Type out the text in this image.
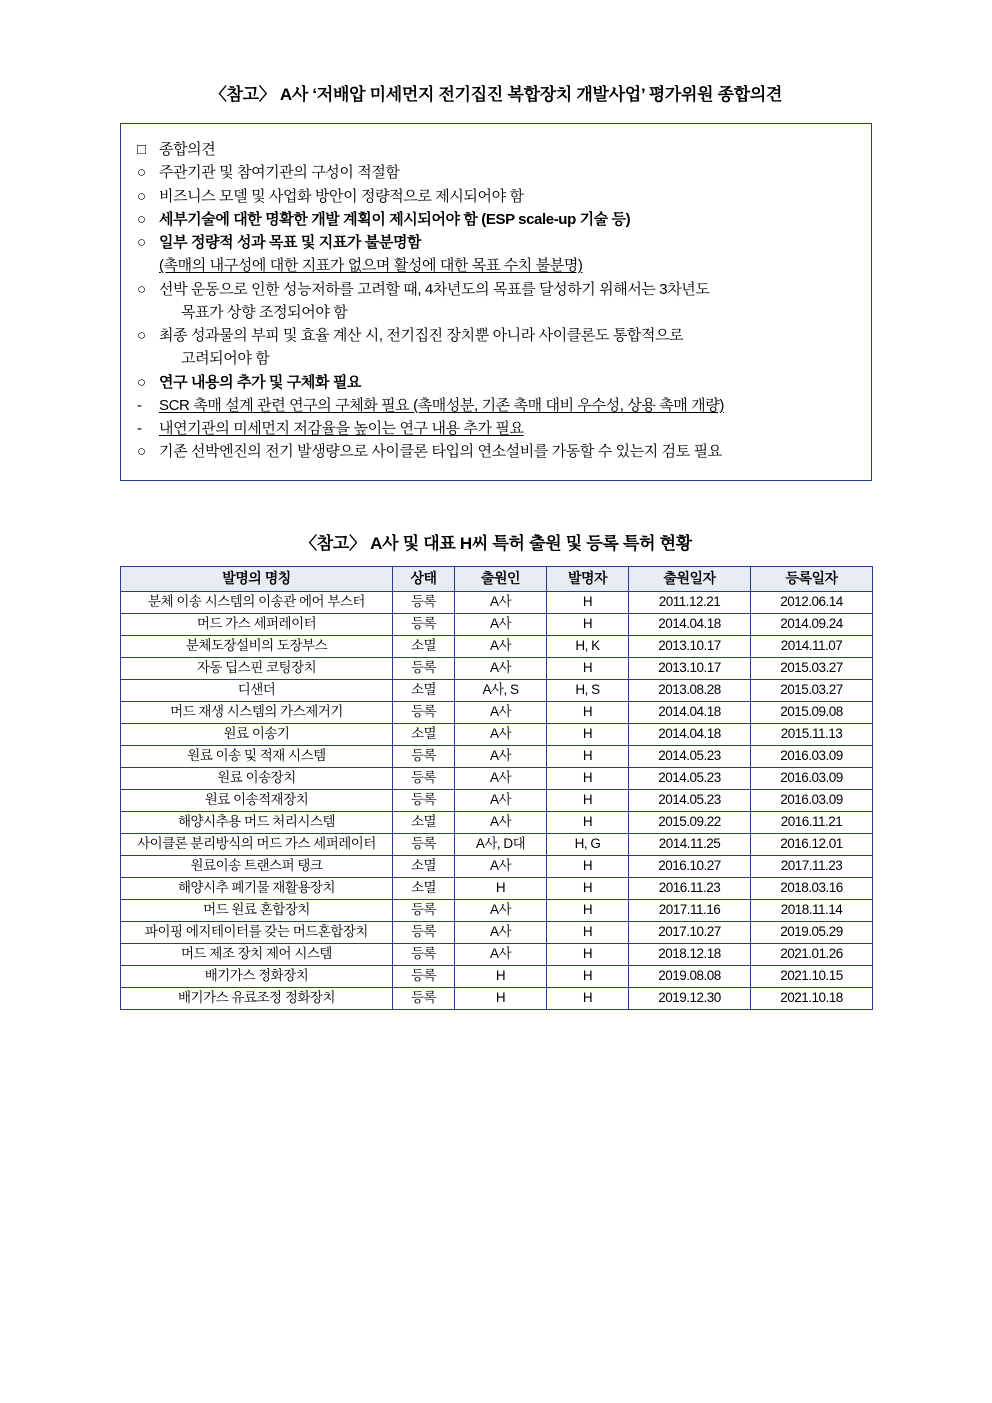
〈참고〉 A사 ‘저배압 미세먼지 전기집진 복합장치 개발사업’ 평가위원 종합의견
□ 종합의견
○ 주관기관 및 참여기관의 구성이 적절함
○ 비즈니스 모델 및 사업화 방안이 정량적으로 제시되어야 함
○ 세부기술에 대한 명확한 개발 계획이 제시되어야 함 (ESP scale-up 기술 등)
○ 일부 정량적 성과 목표 및 지표가 불분명함
(촉매의 내구성에 대한 지표가 없으며 활성에 대한 목표 수치 불분명)
○ 선박 운동으로 인한 성능저하를 고려할 때, 4차년도의 목표를 달성하기 위해서는 3차년도
목표가 상향 조정되어야 함
○ 최종 성과물의 부피 및 효율 계산 시, 전기집진 장치뿐 아니라 사이클론도 통합적으로
고려되어야 함
○ 연구 내용의 추가 및 구체화 필요
-	SCR 촉매 설계 관련 연구의 구체화 필요 (촉매성분, 기존 촉매 대비 우수성, 상용 촉매 개량)
-	내연기관의 미세먼지 저감율을 높이는 연구 내용 추가 필요
○ 기존 선박엔진의 전기 발생량으로 사이클론 타입의 연소설비를 가동할 수 있는지 검토 필요
〈참고〉 A사 및 대표 H씨 특허 출원 및 등록 특허 현황
발명의 명칭	상태	출원인	발명자	출원일자	등록일자
분체 이송 시스템의 이송관 에어 부스터	등록	A사	H	2011.12.21	2012.06.14
머드 가스 세퍼레이터	등록	A사	H	2014.04.18	2014.09.24
분체도장설비의 도장부스	소멸	A사	H, K	2013.10.17	2014.11.07
자동 딥스핀 코팅장치	등록	A사	H	2013.10.17	2015.03.27
디샌더	소멸	A사, S	H, S	2013.08.28	2015.03.27
머드 재생 시스템의 가스제거기	등록	A사	H	2014.04.18	2015.09.08
원료 이송기	소멸	A사	H	2014.04.18	2015.11.13
원료 이송 및 적재 시스템	등록	A사	H	2014.05.23	2016.03.09
원료 이송장치	등록	A사	H	2014.05.23	2016.03.09
원료 이송적재장치	등록	A사	H	2014.05.23	2016.03.09
해양시추용 머드 처리시스템	소멸	A사	H	2015.09.22	2016.11.21
사이클론 분리방식의 머드 가스 세퍼레이터	등록	A사, D대	H, G	2014.11.25	2016.12.01
원료이송 트랜스퍼 탱크	소멸	A사	H	2016.10.27	2017.11.23
해양시추 폐기물 재활용장치	소멸	H	H	2016.11.23	2018.03.16
머드 원료 혼합장치	등록	A사	H	2017.11.16	2018.11.14
파이핑 에지테이터를 갖는 머드혼합장치	등록	A사	H	2017.10.27	2019.05.29
머드 제조 장치 제어 시스템	등록	A사	H	2018.12.18	2021.01.26
배기가스 정화장치	등록	H	H	2019.08.08	2021.10.15
배기가스 유료조정 정화장치	등록	H	H	2019.12.30	2021.10.18
